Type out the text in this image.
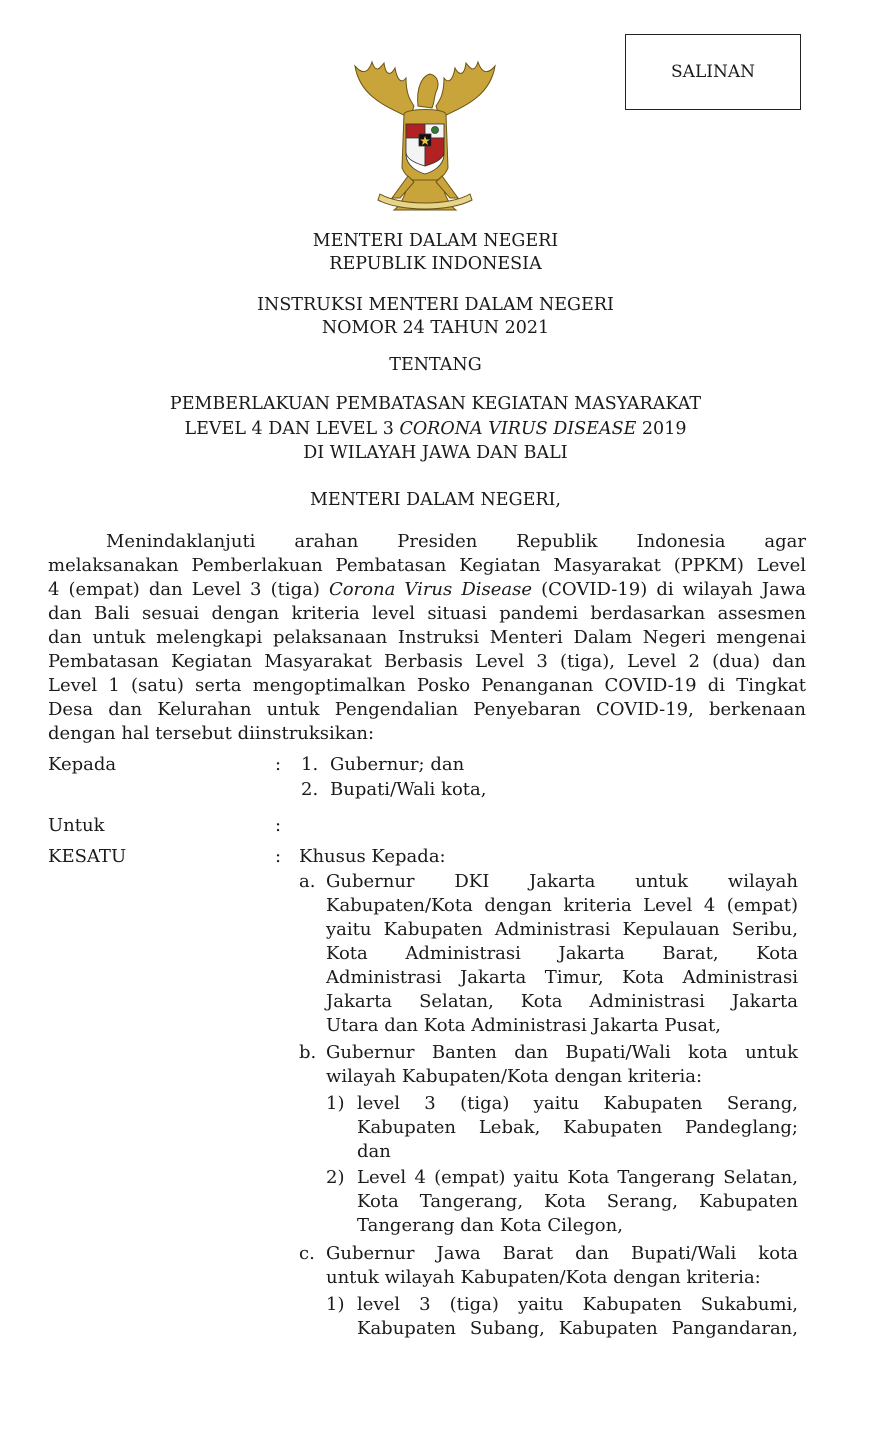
SALINAN
MENTERI DALAM NEGERI
REPUBLIK INDONESIA
INSTRUKSI MENTERI DALAM NEGERI
NOMOR 24 TAHUN 2021
TENTANG
PEMBERLAKUAN PEMBATASAN KEGIATAN MASYARAKAT
LEVEL 4 DAN LEVEL 3 CORONA VIRUS DISEASE 2019
DI WILAYAH JAWA DAN BALI
MENTERI DALAM NEGERI,
Menindaklanjuti arahan Presiden Republik Indonesia agar
melaksanakan Pemberlakuan Pembatasan Kegiatan Masyarakat (PPKM) Level
4 (empat) dan Level 3 (tiga) Corona Virus Disease (COVID-19) di wilayah Jawa
dan Bali sesuai dengan kriteria level situasi pandemi berdasarkan assesmen
dan untuk melengkapi pelaksanaan Instruksi Menteri Dalam Negeri mengenai
Pembatasan Kegiatan Masyarakat Berbasis Level 3 (tiga), Level 2 (dua) dan
Level 1 (satu) serta mengoptimalkan Posko Penanganan COVID-19 di Tingkat
Desa dan Kelurahan untuk Pengendalian Penyebaran COVID-19, berkenaan
dengan hal tersebut diinstruksikan:
Kepada	: 1. Gubernur; dan
2. Bupati/Wali kota,
Untuk	:
KESATU	: Khusus Kepada:
a. Gubernur DKI Jakarta untuk wilayah
Kabupaten/Kota dengan kriteria Level 4 (empat)
yaitu Kabupaten Administrasi Kepulauan Seribu,
Kota Administrasi Jakarta Barat, Kota
Administrasi Jakarta Timur, Kota Administrasi
Jakarta Selatan, Kota Administrasi Jakarta
Utara dan Kota Administrasi Jakarta Pusat,
b. Gubernur Banten dan Bupati/Wali kota untuk
wilayah Kabupaten/Kota dengan kriteria:
1) level 3 (tiga) yaitu Kabupaten Serang,
Kabupaten Lebak, Kabupaten Pandeglang;
dan
2) Level 4 (empat) yaitu Kota Tangerang Selatan,
Kota Tangerang, Kota Serang, Kabupaten
Tangerang dan Kota Cilegon,
c. Gubernur Jawa Barat dan Bupati/Wali kota
untuk wilayah Kabupaten/Kota dengan kriteria:
1) level 3 (tiga) yaitu Kabupaten Sukabumi,
Kabupaten Subang, Kabupaten Pangandaran,
